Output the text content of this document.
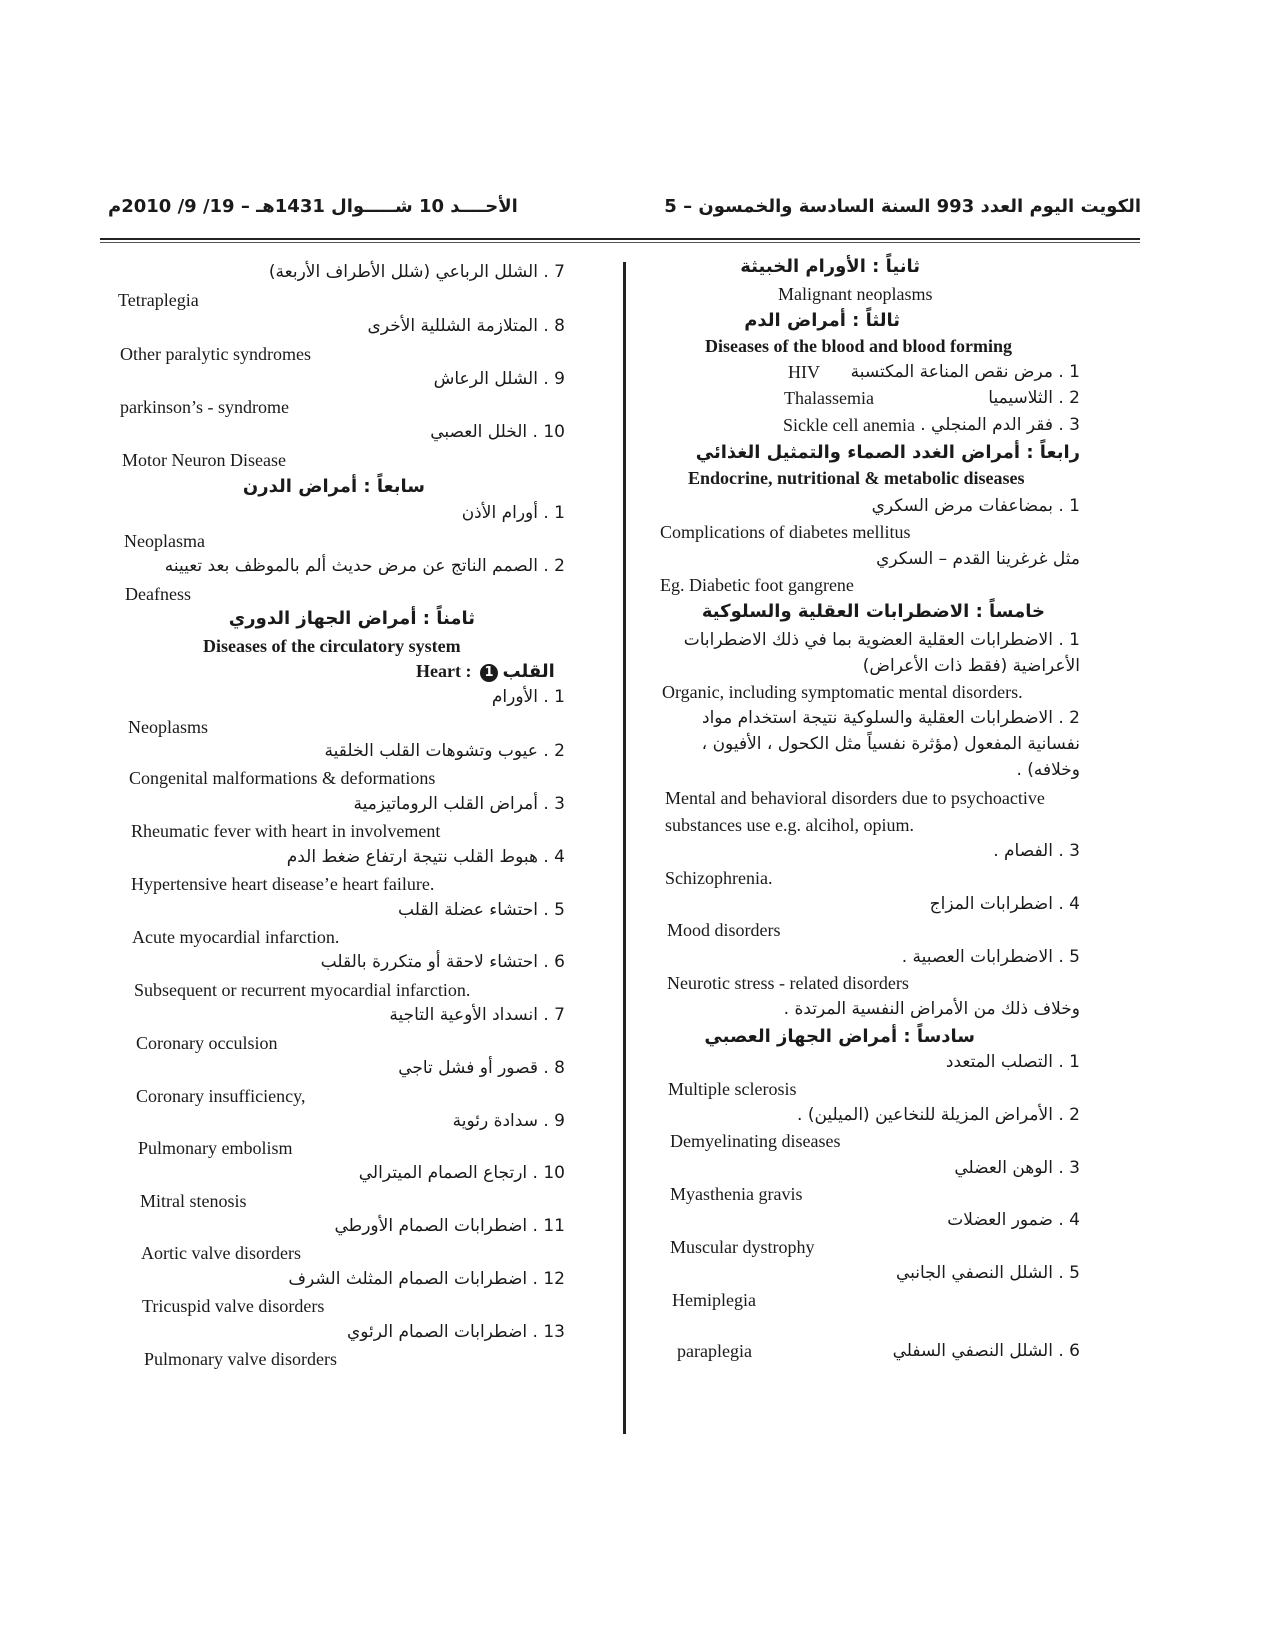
الكويت اليوم العدد 993 السنة السادسة والخمسون – 5
الأحــــد 10 شـــــوال 1431هـ – 19/ 9/ 2010م
ثانياً : الأورام الخبيثة
Malignant neoplasms
ثالثاً : أمراض الدم
Diseases of the blood and blood forming
1 . مرض نقص المناعة المكتسبة
HIV
2 . الثلاسيميا
Thalassemia
3 . فقر الدم المنجلي .
Sickle cell anemia
رابعاً : أمراض الغدد الصماء والتمثيل الغذائي
Endocrine, nutritional & metabolic diseases
1 . بمضاعفات مرض السكري
Complications of diabetes mellitus
مثل غرغرينا القدم – السكري
Eg. Diabetic foot gangrene
خامساً : الاضطرابات العقلية والسلوكية
1 . الاضطرابات العقلية العضوية بما في ذلك الاضطرابات
الأعراضية (فقط ذات الأعراض)
Organic, including symptomatic mental disorders.
2 . الاضطرابات العقلية والسلوكية نتيجة استخدام مواد
نفسانية المفعول (مؤثرة نفسياً مثل الكحول ، الأفيون ،
وخلافه) .
Mental and behavioral disorders due to psychoactive
substances use e.g. alcihol, opium.
3 . الفصام .
Schizophrenia.
4 . اضطرابات المزاج
Mood disorders
5 . الاضطرابات العصبية .
Neurotic stress - related disorders
وخلاف ذلك من الأمراض النفسية المرتدة .
سادساً : أمراض الجهاز العصبي
1 . التصلب المتعدد
Multiple sclerosis
2 . الأمراض المزيلة للنخاعين (الميلين) .
Demyelinating diseases
3 . الوهن العضلي
Myasthenia gravis
4 . ضمور العضلات
Muscular dystrophy
5 . الشلل النصفي الجانبي
Hemiplegia
6 . الشلل النصفي السفلي
paraplegia
7 . الشلل الرباعي (شلل الأطراف الأربعة)
Tetraplegia
8 . المتلازمة الشللية الأخرى
Other paralytic syndromes
9 . الشلل الرعاش
parkinson’s - syndrome
10 . الخلل العصبي
Motor Neuron Disease
سابعاً : أمراض الدرن
1 . أورام الأذن
Neoplasma
2 . الصمم الناتج عن مرض حديث ألم بالموظف بعد تعيينه
Deafness
ثامناً : أمراض الجهاز الدوري
Diseases of the circulatory system
Heart : 1 القلب
1 . الأورام
Neoplasms
2 . عيوب وتشوهات القلب الخلقية
Congenital malformations & deformations
3 . أمراض القلب الروماتيزمية
Rheumatic fever with heart in involvement
4 . هبوط القلب نتيجة ارتفاع ضغط الدم
Hypertensive heart disease’e heart failure.
5 . احتشاء عضلة القلب
Acute myocardial infarction.
6 . احتشاء لاحقة أو متكررة بالقلب
Subsequent or recurrent myocardial infarction.
7 . انسداد الأوعية التاجية
Coronary occulsion
8 . قصور أو فشل تاجي
Coronary insufficiency,
9 . سدادة رئوية
Pulmonary embolism
10 . ارتجاع الصمام الميترالي
Mitral stenosis
11 . اضطرابات الصمام الأورطي
Aortic valve disorders
12 . اضطرابات الصمام المثلث الشرف
Tricuspid valve disorders
13 . اضطرابات الصمام الرئوي
Pulmonary valve disorders
